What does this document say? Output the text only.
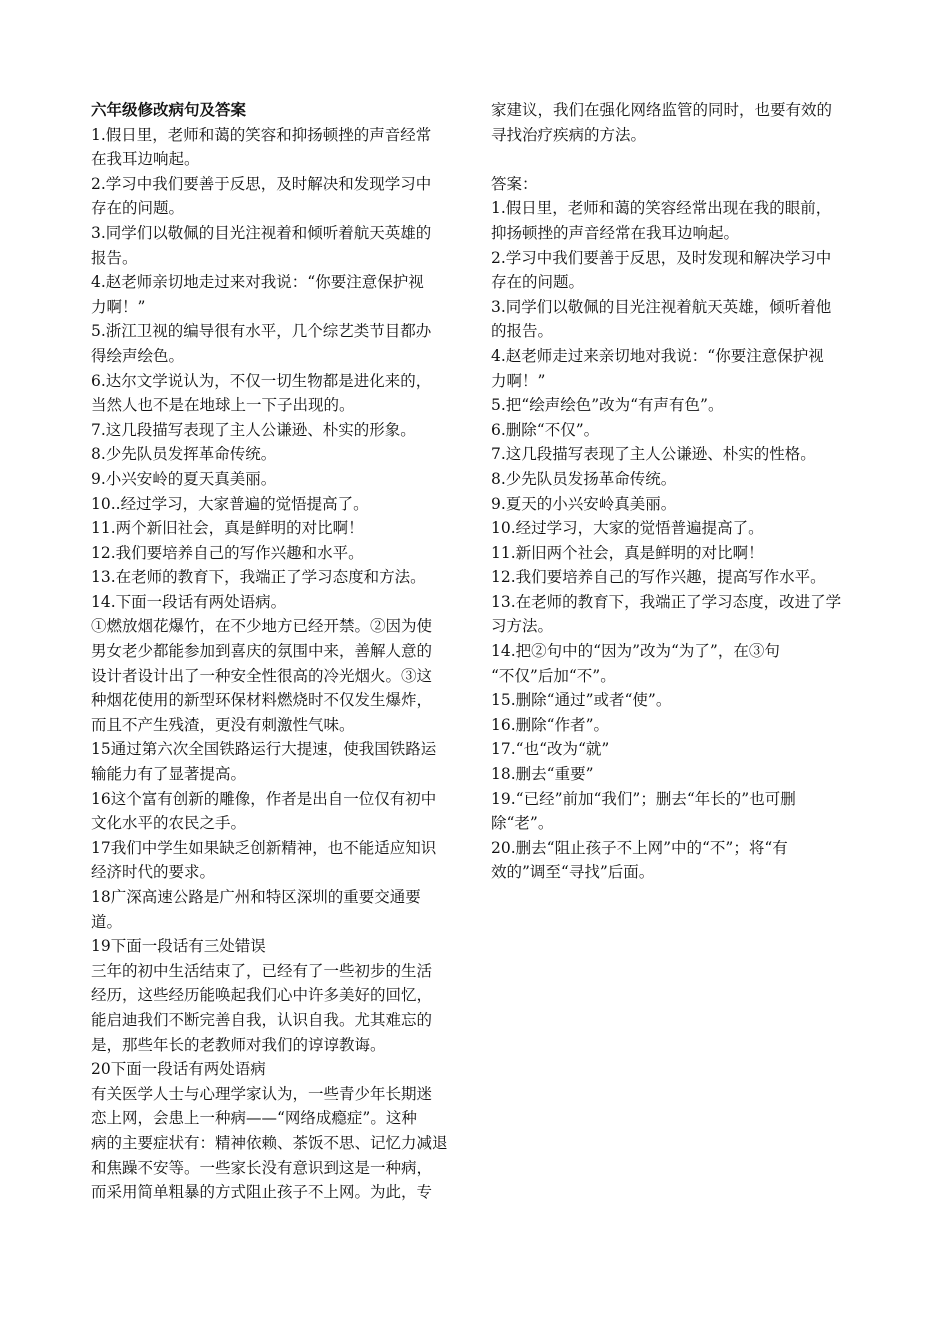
六年级修改病句及答案
1.假日里，老师和蔼的笑容和抑扬顿挫的声音经常
在我耳边响起。
2.学习中我们要善于反思，及时解决和发现学习中
存在的问题。
3.同学们以敬佩的目光注视着和倾听着航天英雄的
报告。
4.赵老师亲切地走过来对我说：“你要注意保护视
力啊！”
5.浙江卫视的编导很有水平，几个综艺类节目都办
得绘声绘色。
6.达尔文学说认为，不仅一切生物都是进化来的，
当然人也不是在地球上一下子出现的。
7.这几段描写表现了主人公谦逊、朴实的形象。
8.少先队员发挥革命传统。
9.小兴安岭的夏天真美丽。
10..经过学习，大家普遍的觉悟提高了。
11.两个新旧社会，真是鲜明的对比啊！
12.我们要培养自己的写作兴趣和水平。
13.在老师的教育下，我端正了学习态度和方法。
14.下面一段话有两处语病。
①燃放烟花爆竹，在不少地方已经开禁。②因为使
男女老少都能参加到喜庆的氛围中来，善解人意的
设计者设计出了一种安全性很高的冷光烟火。③这
种烟花使用的新型环保材料燃烧时不仅发生爆炸，
而且不产生残渣，更没有刺激性气味。
15通过第六次全国铁路运行大提速，使我国铁路运
输能力有了显著提高。
16这个富有创新的雕像，作者是出自一位仅有初中
文化水平的农民之手。
17我们中学生如果缺乏创新精神，也不能适应知识
经济时代的要求。
18广深高速公路是广州和特区深圳的重要交通要
道。
19下面一段话有三处错误
三年的初中生活结束了，已经有了一些初步的生活
经历，这些经历能唤起我们心中许多美好的回忆，
能启迪我们不断完善自我，认识自我。尤其难忘的
是，那些年长的老教师对我们的谆谆教诲。
20下面一段话有两处语病
有关医学人士与心理学家认为，一些青少年长期迷
恋上网，会患上一种病——“网络成瘾症”。这种
病的主要症状有：精神依赖、茶饭不思、记忆力减退
和焦躁不安等。一些家长没有意识到这是一种病，
而采用简单粗暴的方式阻止孩子不上网。为此，专
家建议，我们在强化网络监管的同时，也要有效的
寻找治疗疾病的方法。
答案：
1.假日里，老师和蔼的笑容经常出现在我的眼前，
抑扬顿挫的声音经常在我耳边响起。
2.学习中我们要善于反思，及时发现和解决学习中
存在的问题。
3.同学们以敬佩的目光注视着航天英雄，倾听着他
的报告。
4.赵老师走过来亲切地对我说：“你要注意保护视
力啊！”
5.把“绘声绘色”改为“有声有色”。
6.删除“不仅”。
7.这几段描写表现了主人公谦逊、朴实的性格。
8.少先队员发扬革命传统。
9.夏天的小兴安岭真美丽。
10.经过学习，大家的觉悟普遍提高了。
11.新旧两个社会，真是鲜明的对比啊！
12.我们要培养自己的写作兴趣，提高写作水平。
13.在老师的教育下，我端正了学习态度，改进了学
习方法。
14.把②句中的“因为”改为“为了”，在③句
“不仅”后加“不”。
15.删除“通过”或者“使”。
16.删除“作者”。
17.“也“改为“就”
18.删去“重要”
19.“已经”前加“我们”；删去“年长的”也可删
除“老”。
20.删去“阻止孩子不上网”中的“不”；将“有
效的”调至“寻找”后面。
